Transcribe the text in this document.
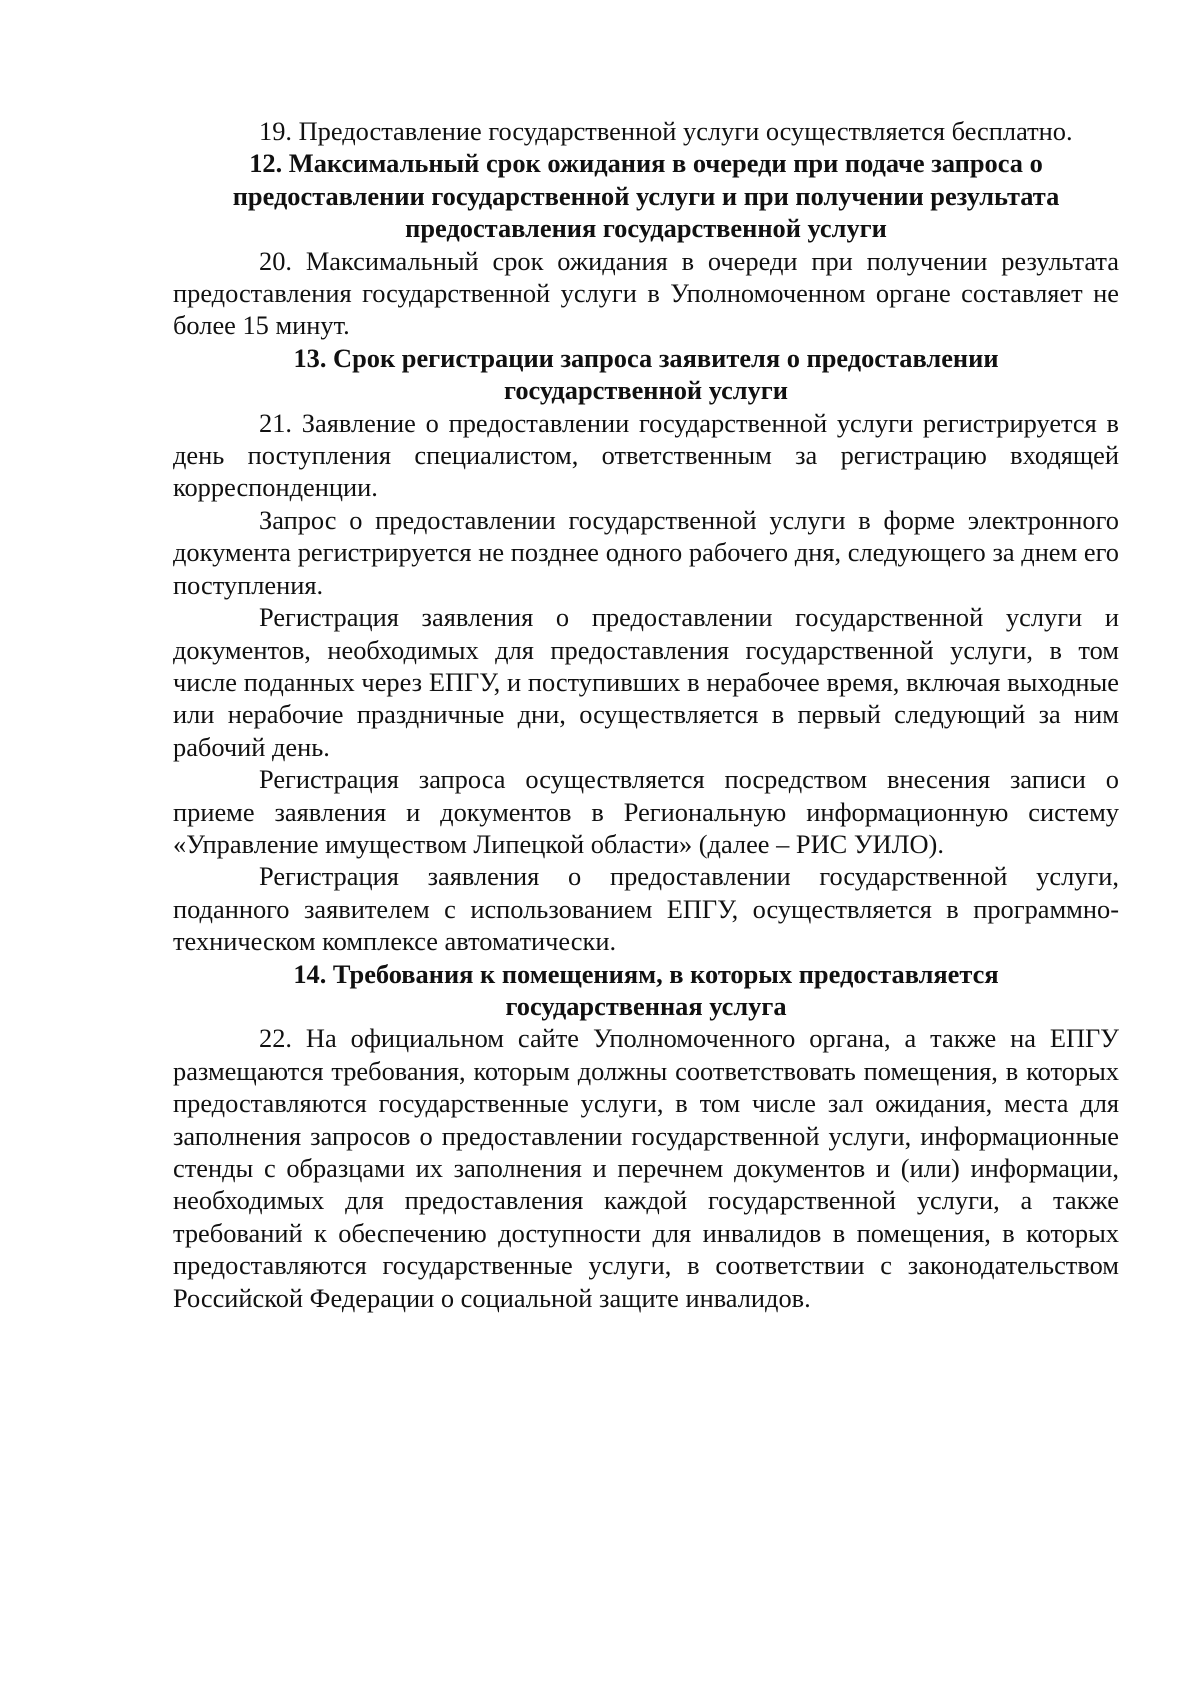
19. Предоставление государственной услуги осуществляется бесплатно.

12. Максимальный срок ожидания в очереди при подаче запроса о предоставлении государственной услуги и при получении результата предоставления государственной услуги

20. Максимальный срок ожидания в очереди при получении результата предоставления государственной услуги в Уполномоченном органе составляет не более 15 минут.

13. Срок регистрации запроса заявителя о предоставлении государственной услуги

21. Заявление о предоставлении государственной услуги регистрируется в день поступления специалистом, ответственным за регистрацию входящей корреспонденции.

Запрос о предоставлении государственной услуги в форме электронного документа регистрируется не позднее одного рабочего дня, следующего за днем его поступления.

Регистрация заявления о предоставлении государственной услуги и документов, необходимых для предоставления государственной услуги, в том числе поданных через ЕПГУ, и поступивших в нерабочее время, включая выходные или нерабочие праздничные дни, осуществляется в первый следующий за ним рабочий день.

Регистрация запроса осуществляется посредством внесения записи о приеме заявления и документов в Региональную информационную систему «Управление имуществом Липецкой области» (далее – РИС УИЛО).

Регистрация заявления о предоставлении государственной услуги, поданного заявителем с использованием ЕПГУ, осуществляется в программно-техническом комплексе автоматически.

14. Требования к помещениям, в которых предоставляется государственная услуга

22. На официальном сайте Уполномоченного органа, а также на ЕПГУ размещаются требования, которым должны соответствовать помещения, в которых предоставляются государственные услуги, в том числе зал ожидания, места для заполнения запросов о предоставлении государственной услуги, информационные стенды с образцами их заполнения и перечнем документов и (или) информации, необходимых для предоставления каждой государственной услуги, а также требований к обеспечению доступности для инвалидов в помещения, в которых предоставляются государственные услуги, в соответствии с законодательством Российской Федерации о социальной защите инвалидов.
